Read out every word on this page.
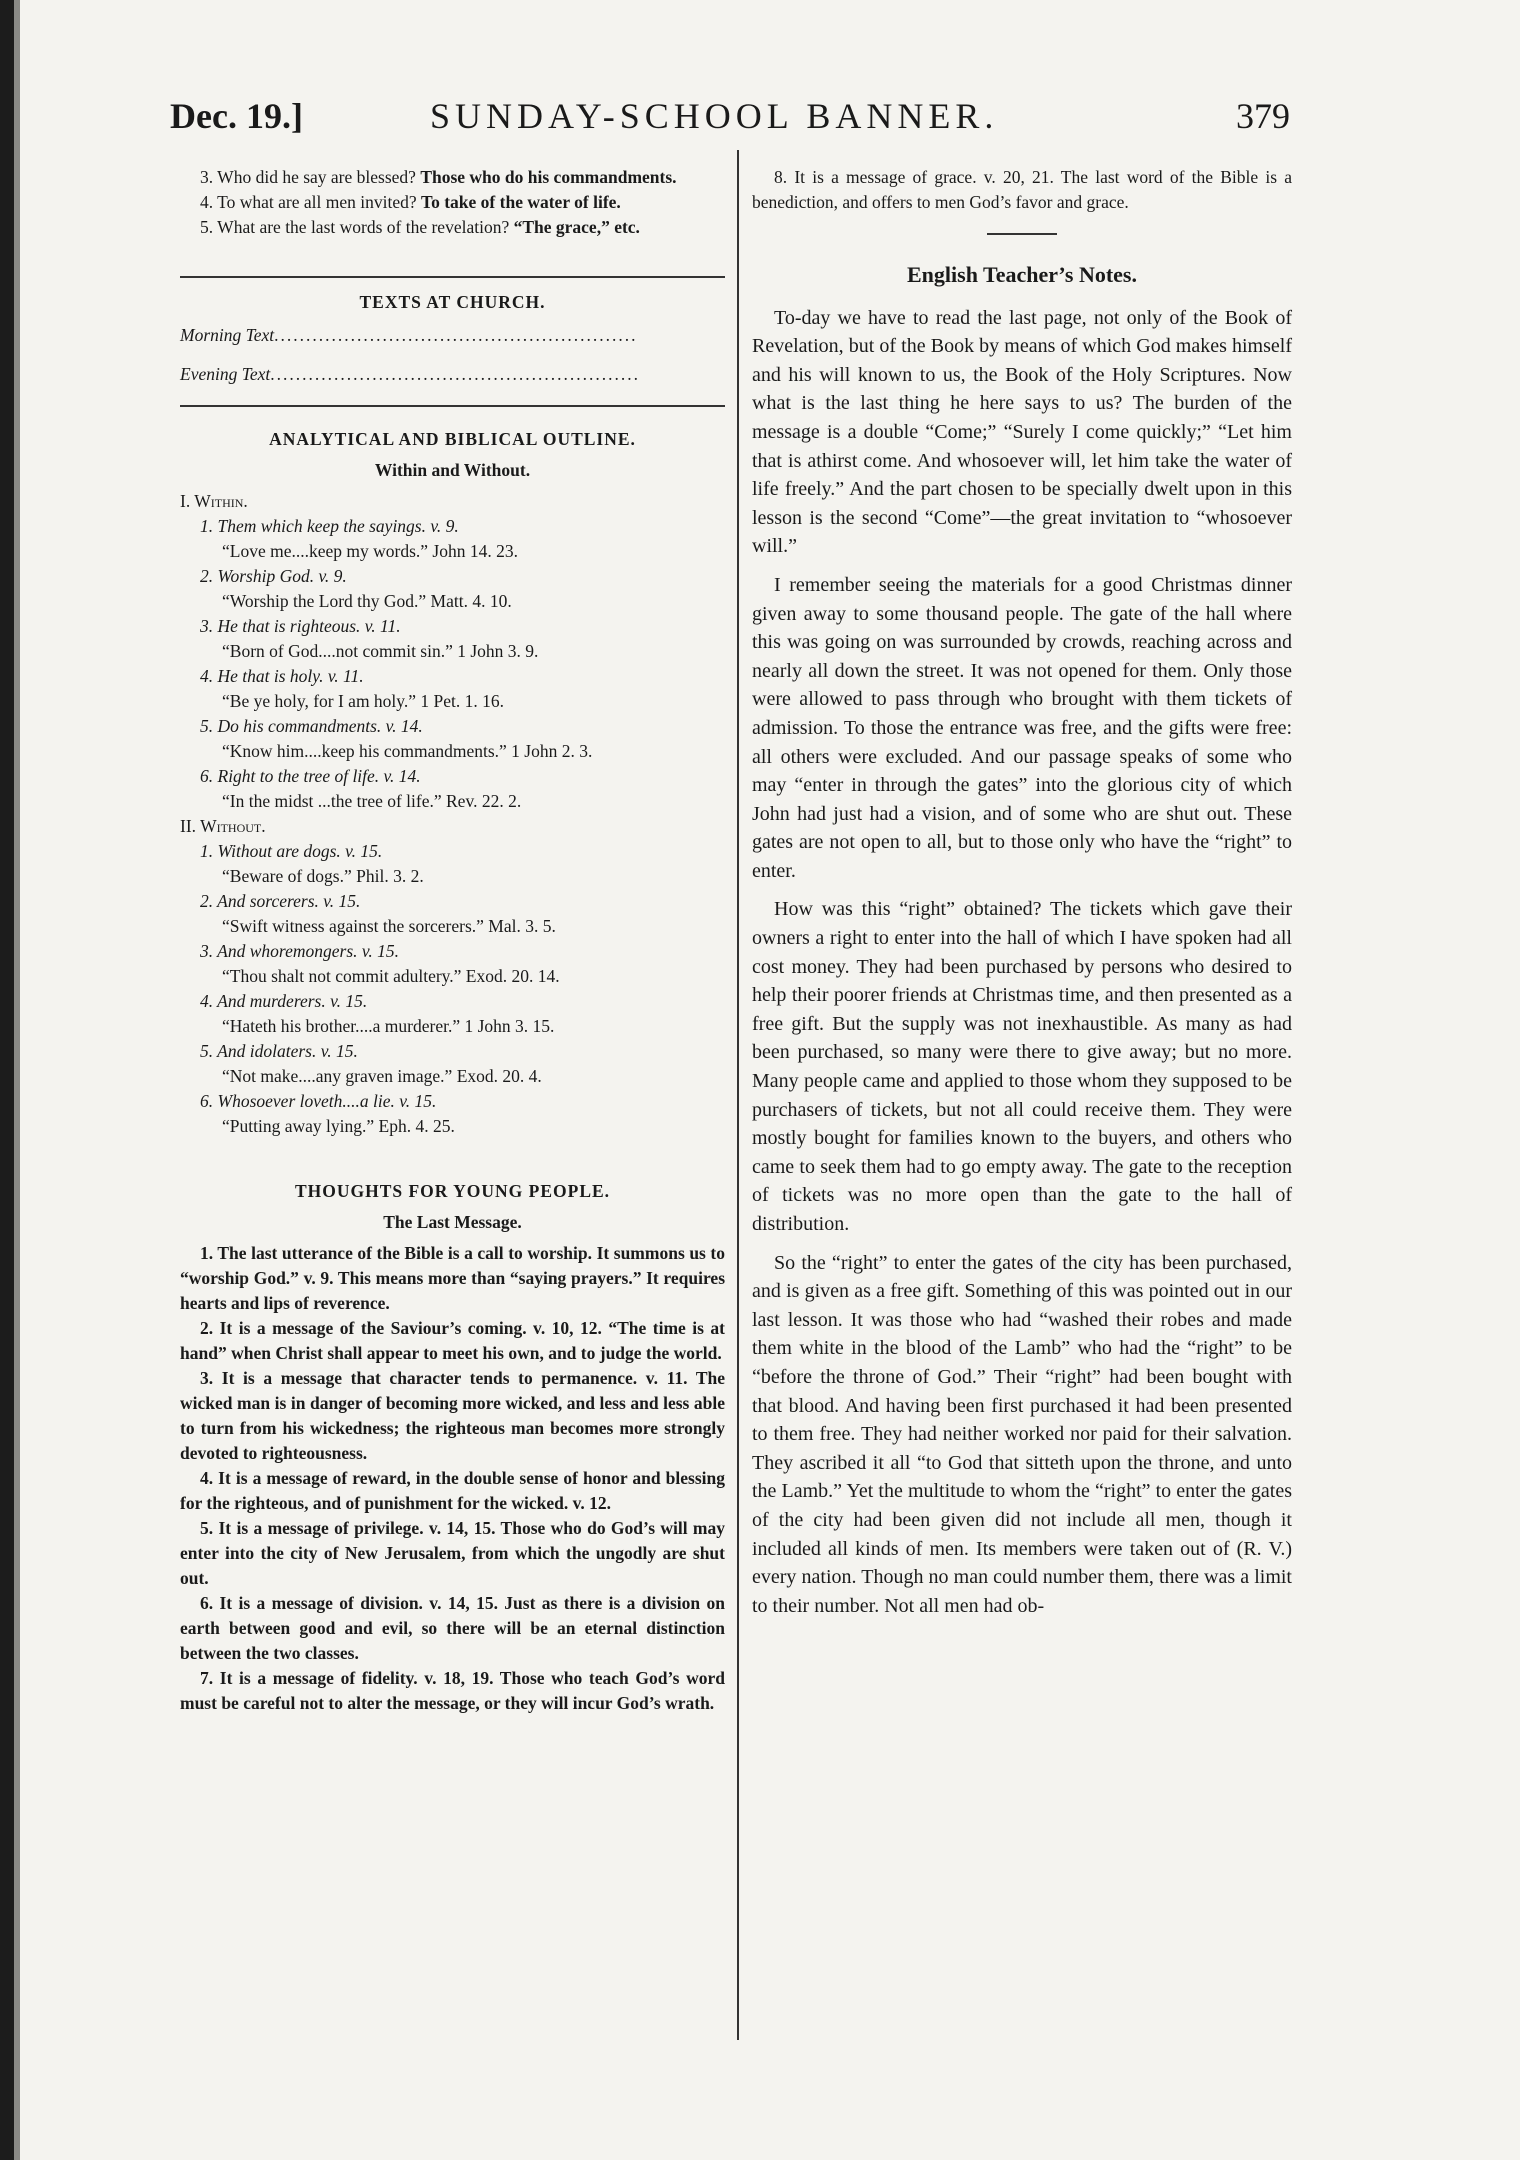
Dec. 19.]	SUNDAY-SCHOOL BANNER.	379

3. Who did he say are blessed? Those who do his commandments.

4. To what are all men invited? To take of the water of life.

5. What are the last words of the revelation? “The grace,” etc.

TEXTS AT CHURCH.

Morning Text.........................................................

Evening Text..........................................................

ANALYTICAL AND BIBLICAL OUTLINE.

Within and Without.

I. Within.

1. Them which keep the sayings. v. 9.

“Love me....keep my words.” John 14. 23.

2. Worship God. v. 9.

“Worship the Lord thy God.” Matt. 4. 10.

3. He that is righteous. v. 11.

“Born of God....not commit sin.” 1 John 3. 9.

4. He that is holy. v. 11.

“Be ye holy, for I am holy.” 1 Pet. 1. 16.

5. Do his commandments. v. 14.

“Know him....keep his commandments.” 1 John 2. 3.

6. Right to the tree of life. v. 14.

“In the midst ...the tree of life.” Rev. 22. 2.

II. Without.

1. Without are dogs. v. 15.

“Beware of dogs.” Phil. 3. 2.

2. And sorcerers. v. 15.

“Swift witness against the sorcerers.” Mal. 3. 5.

3. And whoremongers. v. 15.

“Thou shalt not commit adultery.” Exod. 20. 14.

4. And murderers. v. 15.

“Hateth his brother....a murderer.” 1 John 3. 15.

5. And idolaters. v. 15.

“Not make....any graven image.” Exod. 20. 4.

6. Whosoever loveth....a lie. v. 15.

“Putting away lying.” Eph. 4. 25.

THOUGHTS FOR YOUNG PEOPLE.

The Last Message.

1. The last utterance of the Bible is a call to worship. It summons us to “worship God.” v. 9. This means more than “saying prayers.” It requires hearts and lips of reverence.

2. It is a message of the Saviour’s coming. v. 10, 12. “The time is at hand” when Christ shall appear to meet his own, and to judge the world.

3. It is a message that character tends to permanence. v. 11. The wicked man is in danger of becoming more wicked, and less and less able to turn from his wickedness; the righteous man becomes more strongly devoted to righteousness.

4. It is a message of reward, in the double sense of honor and blessing for the righteous, and of punishment for the wicked. v. 12.

5. It is a message of privilege. v. 14, 15. Those who do God’s will may enter into the city of New Jerusalem, from which the ungodly are shut out.

6. It is a message of division. v. 14, 15. Just as there is a division on earth between good and evil, so there will be an eternal distinction between the two classes.

7. It is a message of fidelity. v. 18, 19. Those who teach God’s word must be careful not to alter the message, or they will incur God’s wrath.

8. It is a message of grace. v. 20, 21. The last word of the Bible is a benediction, and offers to men God’s favor and grace.

English Teacher’s Notes.

To-day we have to read the last page, not only of the Book of Revelation, but of the Book by means of which God makes himself and his will known to us, the Book of the Holy Scriptures. Now what is the last thing he here says to us? The burden of the message is a double “Come;” “Surely I come quickly;” “Let him that is athirst come. And whosoever will, let him take the water of life freely.” And the part chosen to be specially dwelt upon in this lesson is the second “Come”—the great invitation to “whosoever will.”

I remember seeing the materials for a good Christmas dinner given away to some thousand people. The gate of the hall where this was going on was surrounded by crowds, reaching across and nearly all down the street. It was not opened for them. Only those were allowed to pass through who brought with them tickets of admission. To those the entrance was free, and the gifts were free: all others were excluded. And our passage speaks of some who may “enter in through the gates” into the glorious city of which John had just had a vision, and of some who are shut out. These gates are not open to all, but to those only who have the “right” to enter.

How was this “right” obtained? The tickets which gave their owners a right to enter into the hall of which I have spoken had all cost money. They had been purchased by persons who desired to help their poorer friends at Christmas time, and then presented as a free gift. But the supply was not inexhaustible. As many as had been purchased, so many were there to give away; but no more. Many people came and applied to those whom they supposed to be purchasers of tickets, but not all could receive them. They were mostly bought for families known to the buyers, and others who came to seek them had to go empty away. The gate to the reception of tickets was no more open than the gate to the hall of distribution.

So the “right” to enter the gates of the city has been purchased, and is given as a free gift. Something of this was pointed out in our last lesson. It was those who had “washed their robes and made them white in the blood of the Lamb” who had the “right” to be “before the throne of God.” Their “right” had been bought with that blood. And having been first purchased it had been presented to them free. They had neither worked nor paid for their salvation. They ascribed it all “to God that sitteth upon the throne, and unto the Lamb.” Yet the multitude to whom the “right” to enter the gates of the city had been given did not include all men, though it included all kinds of men. Its members were taken out of (R. V.) every nation. Though no man could number them, there was a limit to their number. Not all men had ob-
